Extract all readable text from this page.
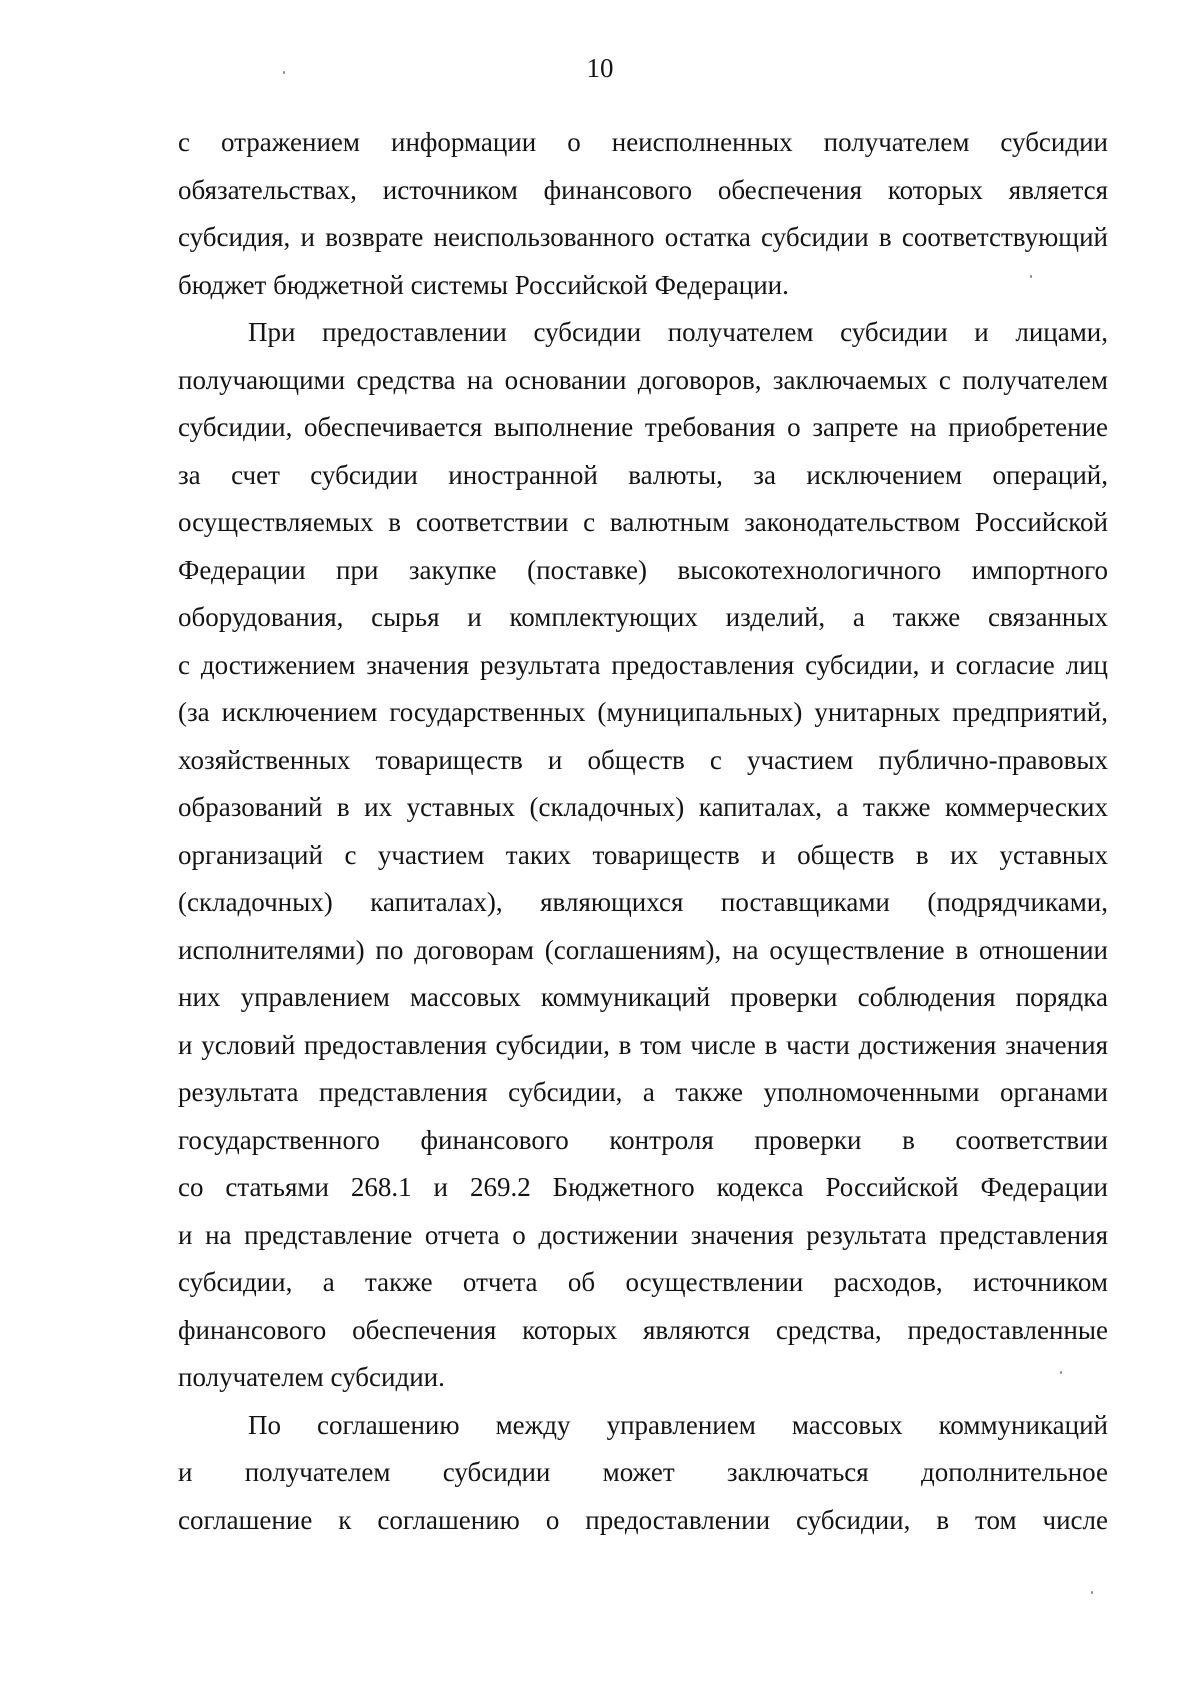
10

с отражением информации о неисполненных получателем субсидии
обязательствах, источником финансового обеспечения которых является
субсидия, и возврате неиспользованного остатка субсидии в соответствующий
бюджет бюджетной системы Российской Федерации.

При предоставлении субсидии получателем субсидии и лицами,
получающими средства на основании договоров, заключаемых с получателем
субсидии, обеспечивается выполнение требования о запрете на приобретение
за счет субсидии иностранной валюты, за исключением операций,
осуществляемых в соответствии с валютным законодательством Российской
Федерации при закупке (поставке) высокотехнологичного импортного
оборудования, сырья и комплектующих изделий, а также связанных
с достижением значения результата предоставления субсидии, и согласие лиц
(за исключением государственных (муниципальных) унитарных предприятий,
хозяйственных товариществ и обществ с участием публично-правовых
образований в их уставных (складочных) капиталах, а также коммерческих
организаций с участием таких товариществ и обществ в их уставных
(складочных) капиталах), являющихся поставщиками (подрядчиками,
исполнителями) по договорам (соглашениям), на осуществление в отношении
них управлением массовых коммуникаций проверки соблюдения порядка
и условий предоставления субсидии, в том числе в части достижения значения
результата представления субсидии, а также уполномоченными органами
государственного финансового контроля проверки в соответствии
со статьями 268.1 и 269.2 Бюджетного кодекса Российской Федерации
и на представление отчета о достижении значения результата представления
субсидии, а также отчета об осуществлении расходов, источником
финансового обеспечения которых являются средства, предоставленные
получателем субсидии.

По соглашению между управлением массовых коммуникаций
и получателем субсидии может заключаться дополнительное
соглашение к соглашению о предоставлении субсидии, в том числе
